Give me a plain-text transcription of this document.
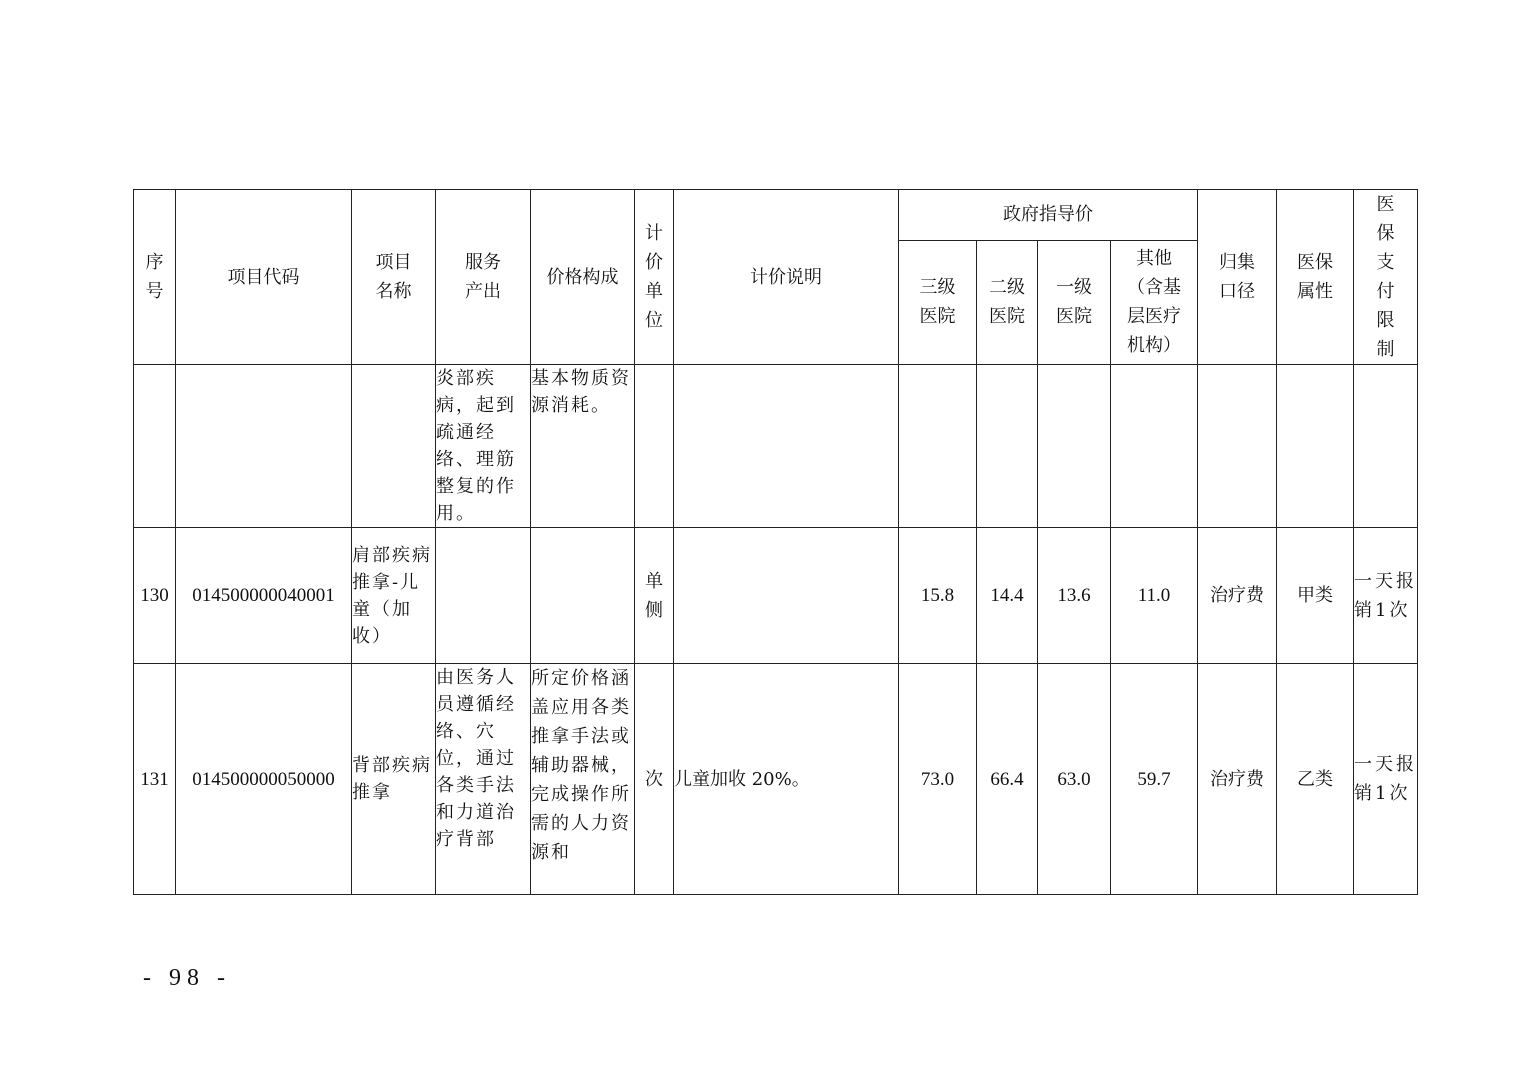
序号	项目代码	项目名称	服务产出	价格构成	计价单位	计价说明	政府指导价				归集口径	医保属性	医保支付限制
							三级医院	二级医院	一级医院	其他（含基层医疗机构）			
			炎部疾病，起到疏通经络、理筋整复的作用。	基本物质资源消耗。									
130	014500000040001	肩部疾病推拿-儿童（加收）			单侧		15.8	14.4	13.6	11.0	治疗费	甲类	一天报销1次
131	014500000050000	背部疾病推拿	由医务人员遵循经络、穴位，通过各类手法和力道治疗背部	所定价格涵盖应用各类推拿手法或辅助器械，完成操作所需的人力资源和	次	儿童加收 20%。	73.0	66.4	63.0	59.7	治疗费	乙类	一天报销1次
- 98 -
